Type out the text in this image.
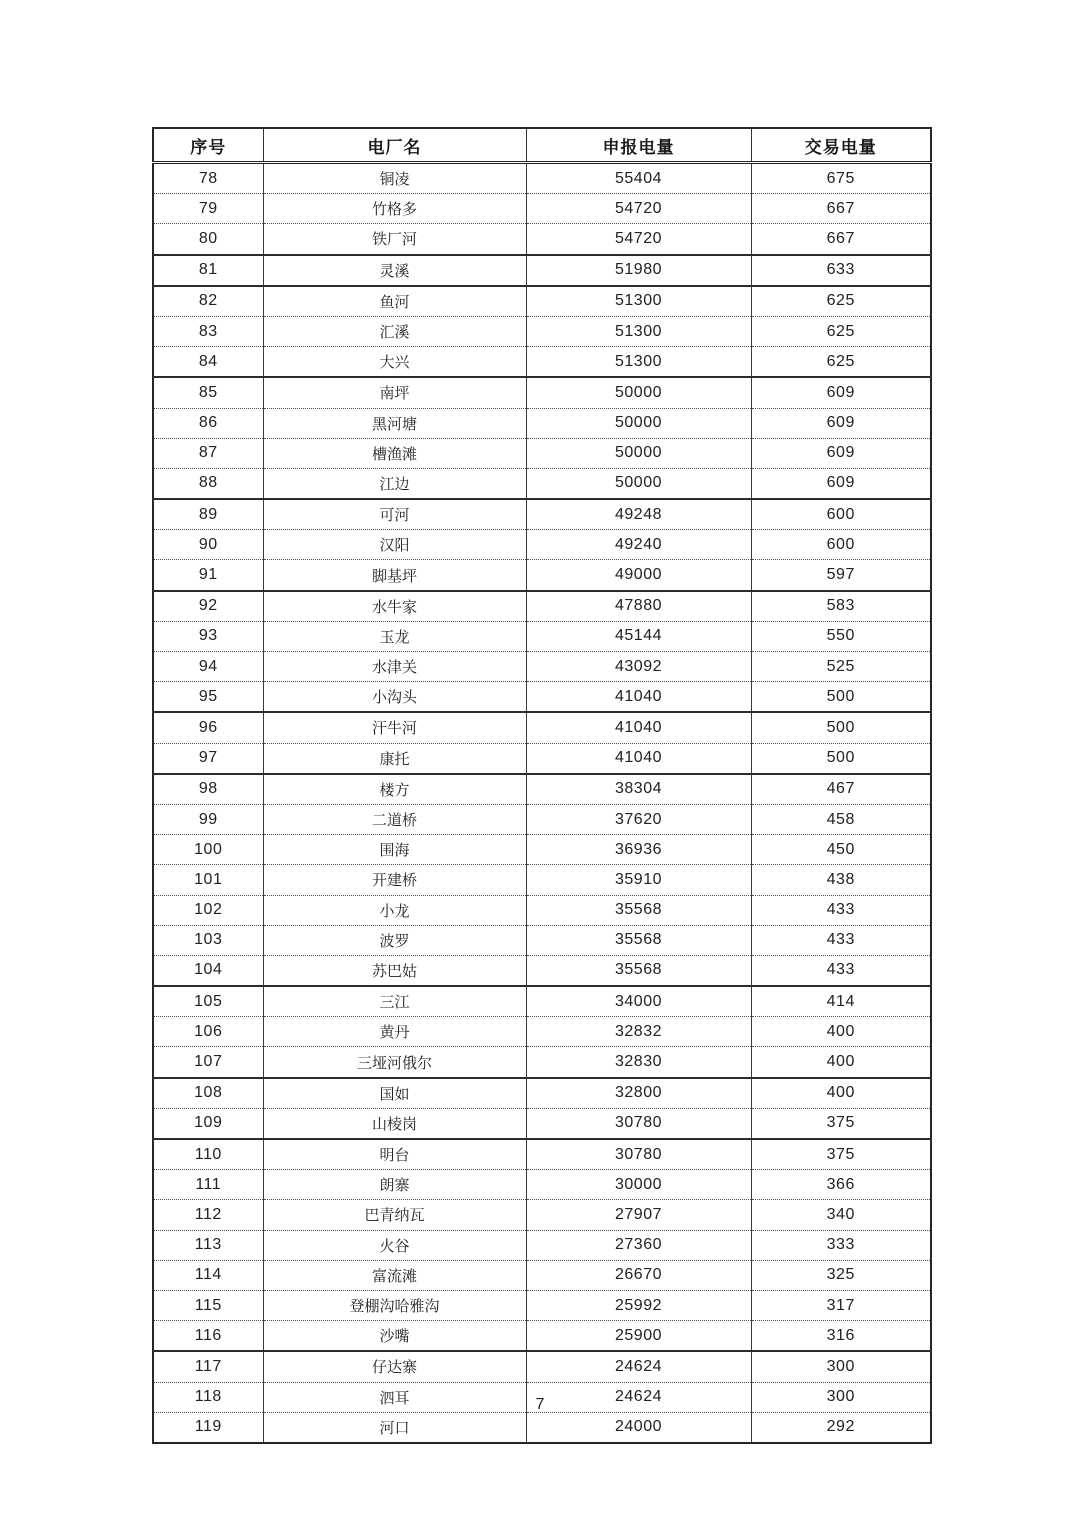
序号	电厂名	申报电量	交易电量
78	铜凌	55404	675
79	竹格多	54720	667
80	铁厂河	54720	667
81	灵溪	51980	633
82	鱼河	51300	625
83	汇溪	51300	625
84	大兴	51300	625
85	南坪	50000	609
86	黑河塘	50000	609
87	槽渔滩	50000	609
88	江边	50000	609
89	可河	49248	600
90	汉阳	49240	600
91	脚基坪	49000	597
92	水牛家	47880	583
93	玉龙	45144	550
94	水津关	43092	525
95	小沟头	41040	500
96	汗牛河	41040	500
97	康托	41040	500
98	楼方	38304	467
99	二道桥	37620	458
100	围海	36936	450
101	开建桥	35910	438
102	小龙	35568	433
103	波罗	35568	433
104	苏巴姑	35568	433
105	三江	34000	414
106	黄丹	32832	400
107	三垭河俄尔	32830	400
108	国如	32800	400
109	山棱岗	30780	375
110	明台	30780	375
111	朗寨	30000	366
112	巴青纳瓦	27907	340
113	火谷	27360	333
114	富流滩	26670	325
115	登棚沟哈雅沟	25992	317
116	沙嘴	25900	316
117	仔达寨	24624	300
118	泗耳	24624	300
119	河口	24000	292
7
